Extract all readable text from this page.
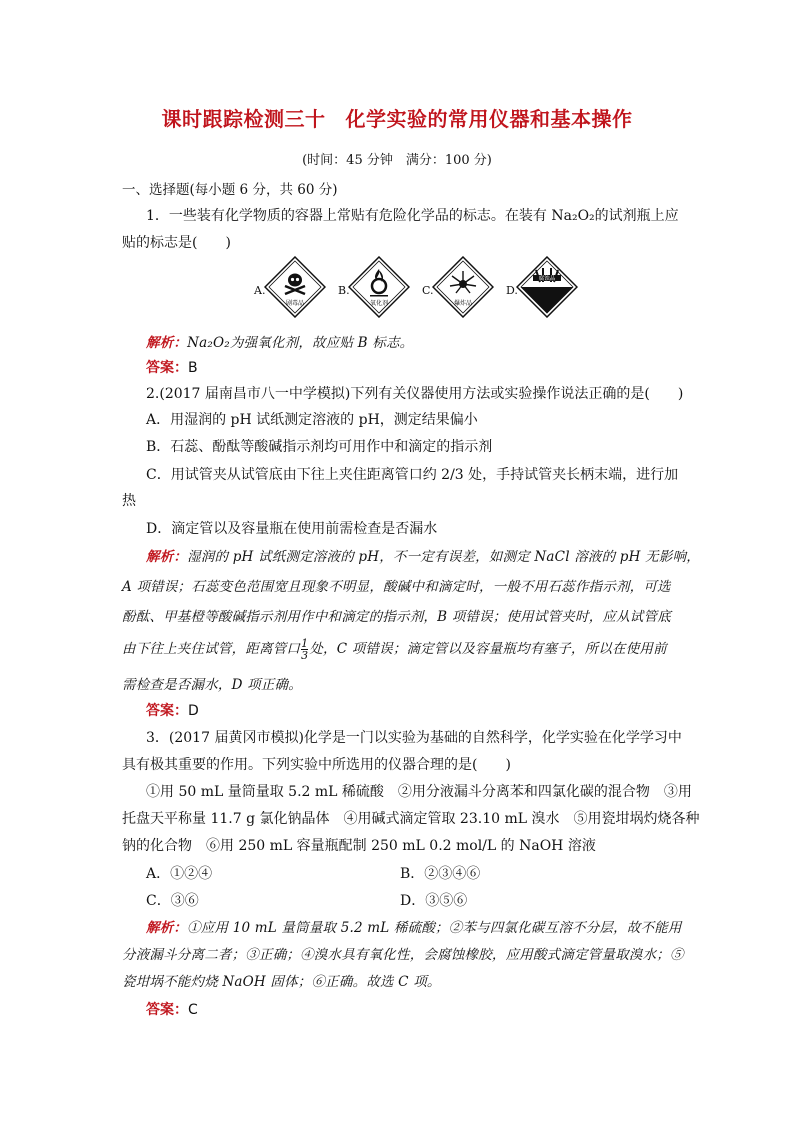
课时跟踪检测三十 化学实验的常用仪器和基本操作
(时间：45 分钟　满分：100 分)
一、选择题(每小题 6 分，共 60 分)
1．一些装有化学物质的容器上常贴有危险化学品的标志。在装有 Na₂O₂的试剂瓶上应
贴的标志是(　　)
A.
剧毒品
B.
氧化剂
C.
爆炸品
D.
腐蚀品
解析：Na₂O₂为强氧化剂，故应贴 B 标志。
答案：B
2.(2017 届南昌市八一中学模拟)下列有关仪器使用方法或实验操作说法正确的是(　　)
A．用湿润的 pH 试纸测定溶液的 pH，测定结果偏小
B．石蕊、酚酞等酸碱指示剂均可用作中和滴定的指示剂
C．用试管夹从试管底由下往上夹住距离管口约 2/3 处，手持试管夹长柄末端，进行加
热
D．滴定管以及容量瓶在使用前需检查是否漏水
解析：湿润的 pH 试纸测定溶液的 pH，不一定有误差，如测定 NaCl 溶液的 pH 无影响，
A 项错误；石蕊变色范围宽且现象不明显，酸碱中和滴定时，一般不用石蕊作指示剂，可选
酚酞、甲基橙等酸碱指示剂用作中和滴定的指示剂，B 项错误；使用试管夹时，应从试管底
由下往上夹住试管，距离管口 $\frac{1}{3}$ 处，C 项错误；滴定管以及容量瓶均有塞子，所以在使用前
需检查是否漏水，D 项正确。
答案：D
3．(2017 届黄冈市模拟)化学是一门以实验为基础的自然科学，化学实验在化学学习中
具有极其重要的作用。下列实验中所选用的仪器合理的是(　　)
①用 50 mL 量筒量取 5.2 mL 稀硫酸　②用分液漏斗分离苯和四氯化碳的混合物　③用
托盘天平称量 11.7 g 氯化钠晶体　④用碱式滴定管取 23.10 mL 溴水　⑤用瓷坩埚灼烧各种
钠的化合物　⑥用 250 mL 容量瓶配制 250 mL 0.2 mol/L 的 NaOH 溶液
A．①②④	B．②③④⑥
C．③⑥	D．③⑤⑥
解析：①应用 10 mL 量筒量取 5.2 mL 稀硫酸；②苯与四氯化碳互溶不分层，故不能用
分液漏斗分离二者；③正确；④溴水具有氧化性，会腐蚀橡胶，应用酸式滴定管量取溴水；⑤
瓷坩埚不能灼烧 NaOH 固体；⑥正确。故选 C 项。
答案：C
